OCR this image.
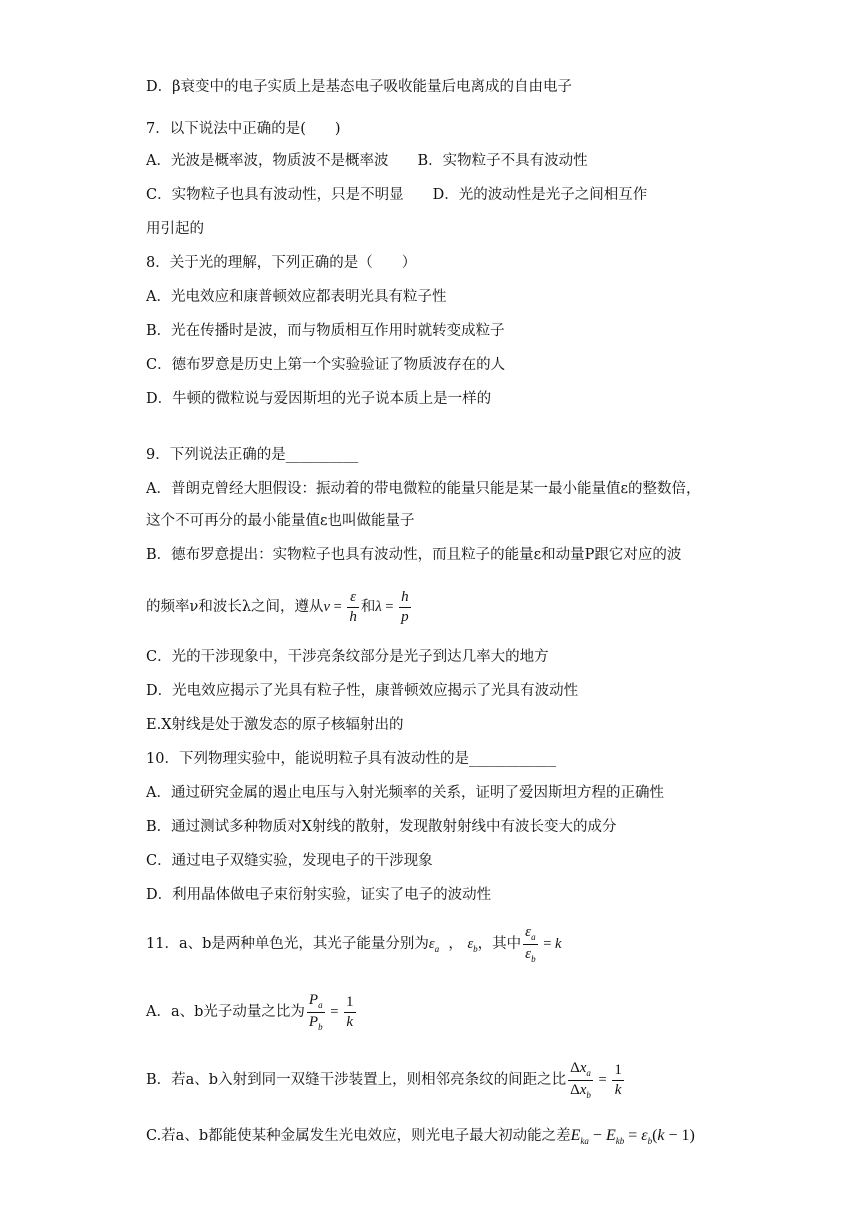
D．β衰变中的电子实质上是基态电子吸收能量后电离成的自由电子
7．以下说法中正确的是(　　)
A．光波是概率波，物质波不是概率波　　B．实物粒子不具有波动性
C．实物粒子也具有波动性，只是不明显　　D．光的波动性是光子之间相互作
用引起的
8．关于光的理解，下列正确的是（　　）
A．光电效应和康普顿效应都表明光具有粒子性
B．光在传播时是波，而与物质相互作用时就转变成粒子
C．德布罗意是历史上第一个实验验证了物质波存在的人
D．牛顿的微粒说与爱因斯坦的光子说本质上是一样的
9．下列说法正确的是__________
A．普朗克曾经大胆假设：振动着的带电微粒的能量只能是某一最小能量值ε的整数倍，
这个不可再分的最小能量值ε也叫做能量子
B．德布罗意提出：实物粒子也具有波动性，而且粒子的能量ε和动量P跟它对应的波
的频率ν和波长λ之间，遵从$\nu = \frac{\varepsilon}{h}$ 和$\lambda = \frac{h}{p}$
C．光的干涉现象中，干涉亮条纹部分是光子到达几率大的地方
D．光电效应揭示了光具有粒子性，康普顿效应揭示了光具有波动性
E.X射线是处于激发态的原子核辐射出的
10．下列物理实验中，能说明粒子具有波动性的是____________
A．通过研究金属的遏止电压与入射光频率的关系，证明了爱因斯坦方程的正确性
B．通过测试多种物质对X射线的散射，发现散射射线中有波长变大的成分
C．通过电子双缝实验，发现电子的干涉现象
D．利用晶体做电子束衍射实验，证实了电子的波动性
11．a、b是两种单色光，其光子能量分别为$\varepsilon_a$ ， $\varepsilon_b$，其中 $\frac{\varepsilon_a}{\varepsilon_b} = k$
A．a、b光子动量之比为 $\frac{P_a}{P_b} = \frac{1}{k}$
B．若a、b入射到同一双缝干涉装置上，则相邻亮条纹的间距之比 $\frac{\Delta x_a}{\Delta x_b} = \frac{1}{k}$
C.若a、b都能使某种金属发生光电效应，则光电子最大初动能之差$E_{ka} - E_{kb} = \varepsilon_b(k - 1)$
